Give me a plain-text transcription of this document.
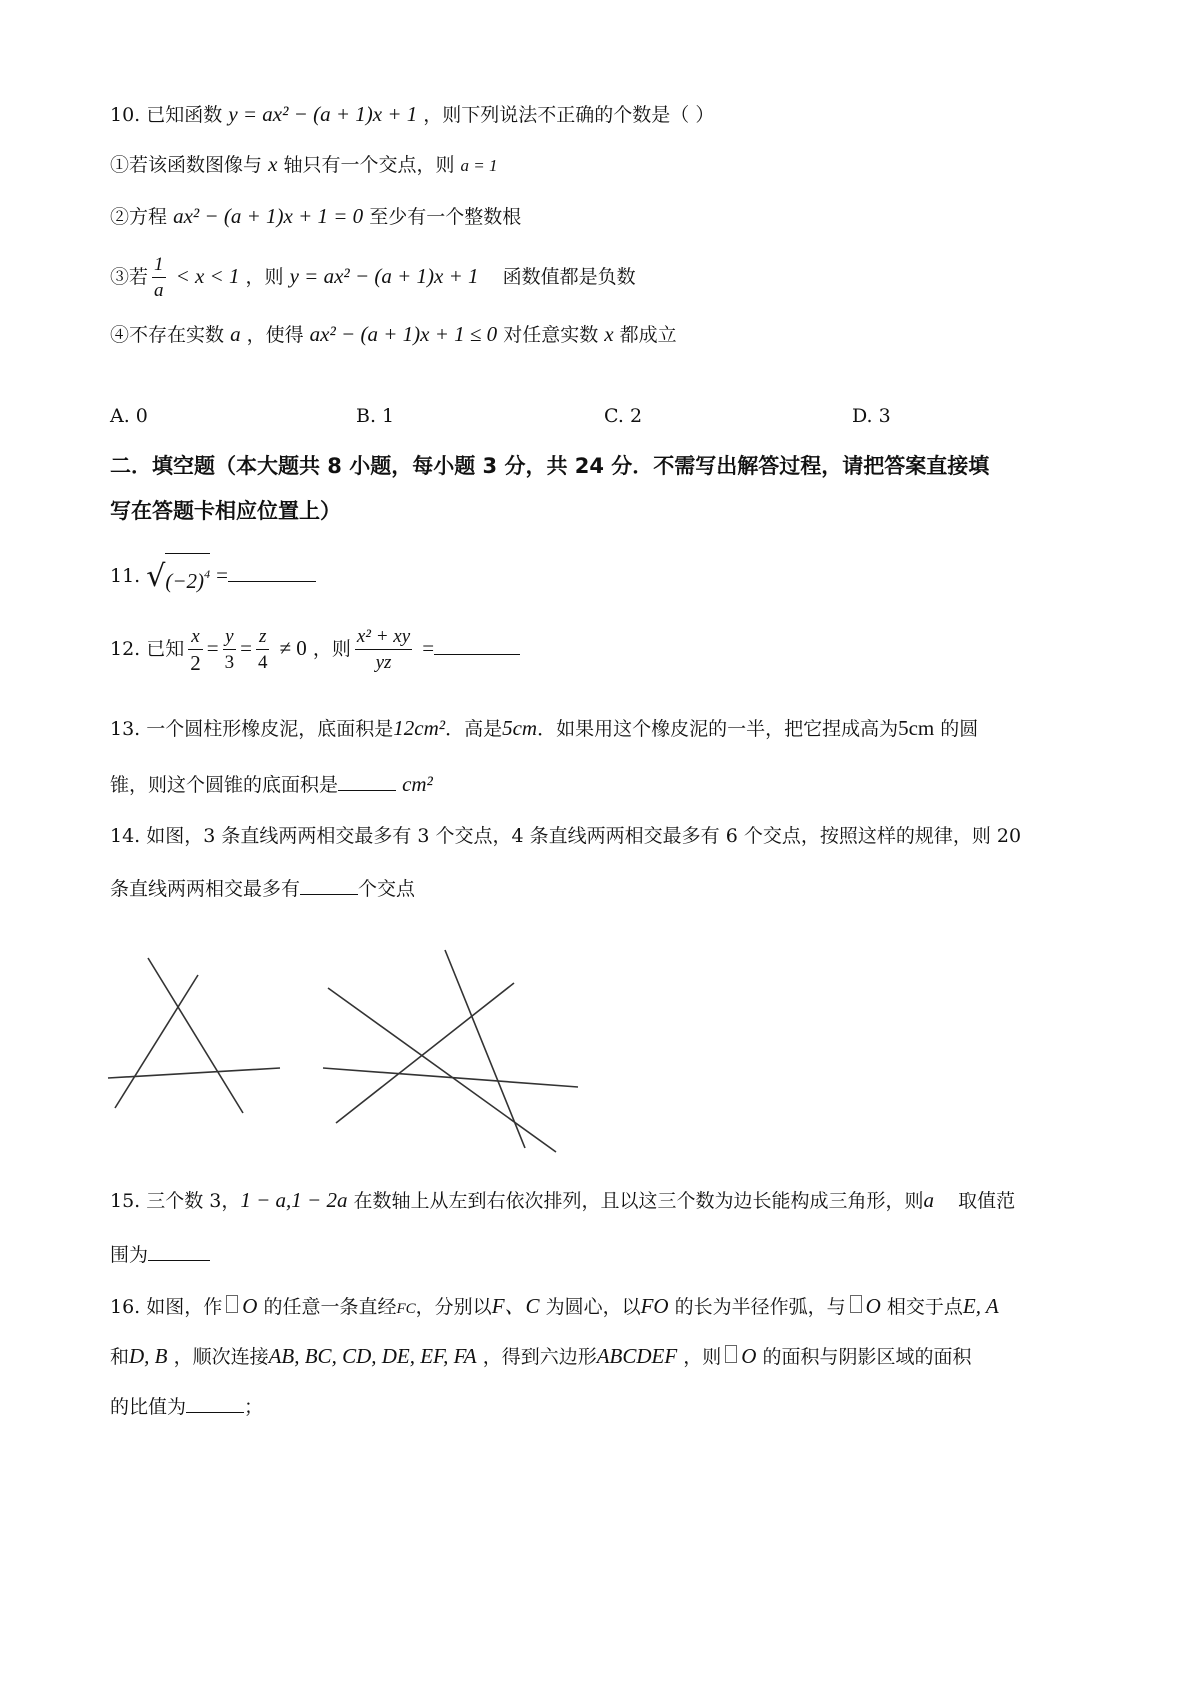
10. 已知函数 y = ax² − (a + 1)x + 1 ，则下列说法不正确的个数是（ ）
①若该函数图像与 x 轴只有一个交点，则 a = 1
②方程 ax² − (a + 1)x + 1 = 0 至少有一个整数根
③若 $\frac{1}{a} < x < 1$ ，则 y = ax² − (a + 1)x + 1 函数值都是负数
④不存在实数 a ，使得 ax² − (a + 1)x + 1 ≤ 0 对任意实数 x 都成立
A. 0	B. 1	C. 2	D. 3
二．填空题（本大题共 8 小题，每小题 3 分，共 24 分．不需写出解答过程，请把答案直接填
写在答题卡相应位置上）
11. $√(-2)^4$ =
12. 已知 $\frac{x}{2} = \frac{y}{3} = \frac{z}{4} \ne 0$ ，则 $\frac{\text{x² + xy}}{yz}$ =
13. 一个圆柱形橡皮泥，底面积是12cm²．高是5cm．如果用这个橡皮泥的一半，把它捏成高为5cm 的圆
锥，则这个圆锥的底面积是	cm²
14. 如图，3 条直线两两相交最多有 3 个交点，4 条直线两两相交最多有 6 个交点，按照这样的规律，则 20
条直线两两相交最多有	个交点
15. 三个数 3，1 − a,1 − 2a 在数轴上从左到右依次排列，且以这三个数为边长能构成三角形，则a 取值范
围为
16. 如图，作 O 的任意一条直经FC，分别以F、C 为圆心，以FO 的长为半径作弧，与 O 相交于点E, A
和D, B ，顺次连接AB, BC, CD, DE, EF, FA ，得到六边形ABCDEF ，则 O 的面积与阴影区域的面积
的比值为	；
